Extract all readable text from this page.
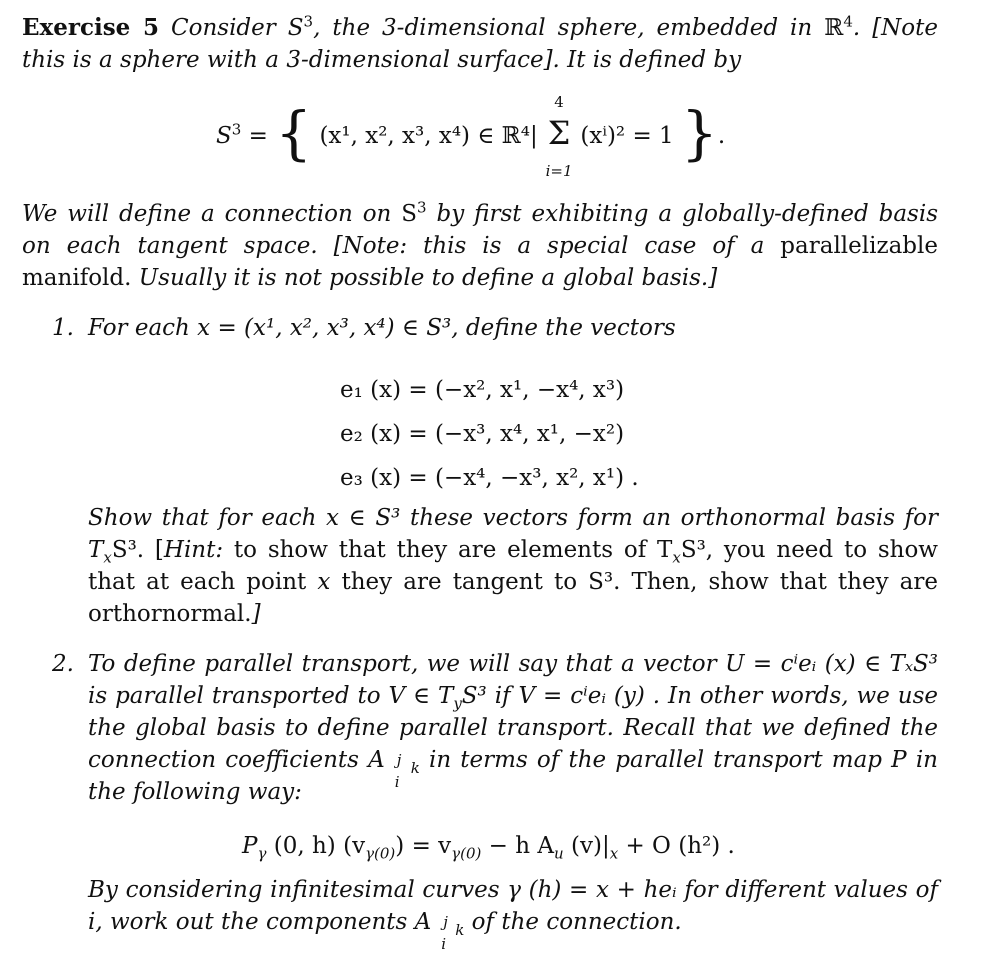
Exercise 5 Consider $S^3$, the 3-dimensional sphere, embedded in ℝ$^4$. [Note this is a sphere with a 3-dimensional surface]. It is defined by

$S^3$ = { (x¹, x², x³, x⁴) ∈ ℝ⁴|
4
Σ
i=1
(xⁱ)² = 1 }.

We will define a connection on $S^3$ by first exhibiting a globally-defined basis on each tangent space. [Note: this is a special case of a parallelizable manifold. Usually it is not possible to define a global basis.]

1. For each x = (x¹, x², x³, x⁴) ∈ S³, define the vectors
e₁ (x) = (−x², x¹, −x⁴, x³)
e₂ (x) = (−x³, x⁴, x¹, −x²)
e₃ (x) = (−x⁴, −x³, x², x¹) .

Show that for each x ∈ S³ these vectors form an orthonormal basis for $T_xS^3$. [Hint: to show that they are elements of $T_xS^3$, you need to show that at each point x they are tangent to S³. Then, show that they are orthornormal.]

2. To define parallel transport, we will say that a vector U = cⁱeᵢ (x) ∈ TₓS³ is parallel transported to V ∈ $T_yS^3$ if V = cⁱeᵢ (y) . In other words, we use the global basis to define parallel transport. Recall that we defined the connection coefficients A j
i
$_k$ in terms of the parallel transport map P in the following way:

$P_\gamma$ (0, h) $(v_{\gamma(0)}) = v_{\gamma(0)} - h$ $A_u$ $(v)|_x + O$ (h²) .

By considering infinitesimal curves γ (h) = x + heᵢ for different values of i, work out the components A j
i
$_k$ of the connection.
